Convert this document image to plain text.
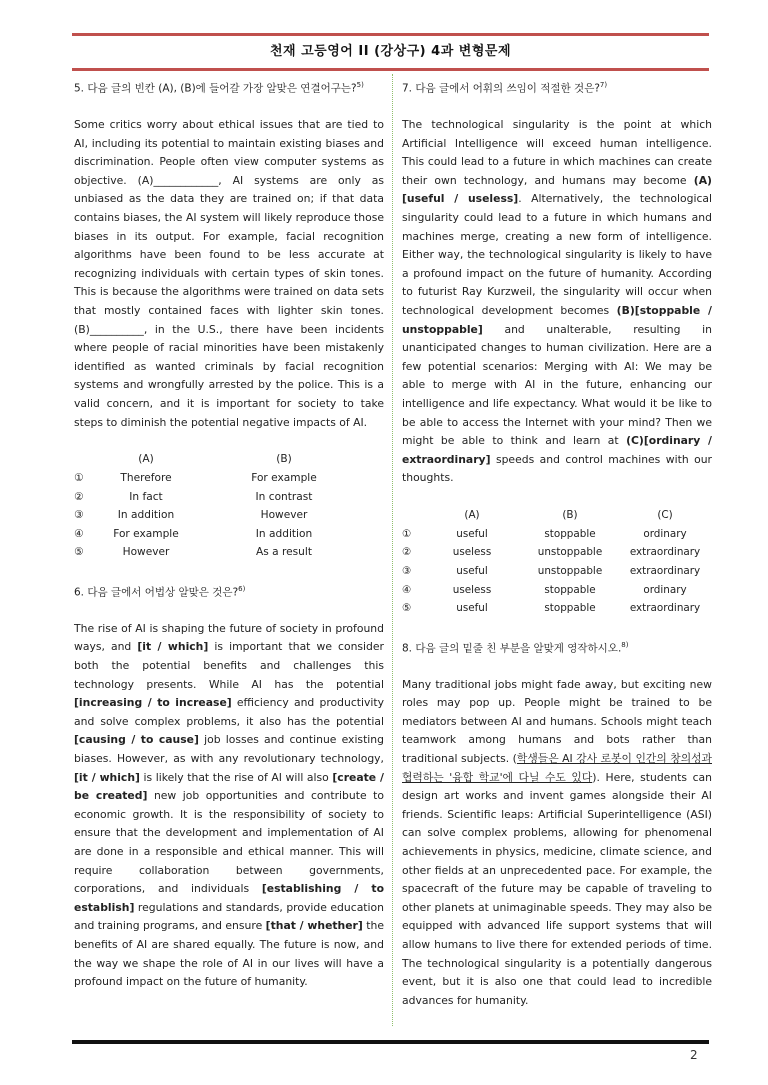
천재 고등영어 II (강상구) 4과 변형문제
5. 다음 글의 빈칸 (A), (B)에 들어갈 가장 알맞은 연결어구는?$^{5)}$
Some critics worry about ethical issues that are tied to AI, including its potential to maintain existing biases and discrimination. People often view computer systems as objective. (A)____________, AI systems are only as unbiased as the data they are trained on; if that data contains biases, the AI system will likely reproduce those biases in its output. For example, facial recognition algorithms have been found to be less accurate at recognizing individuals with certain types of skin tones. This is because the algorithms were trained on data sets that mostly contained faces with lighter skin tones. (B)__________, in the U.S., there have been incidents where people of racial minorities have been mistakenly identified as wanted criminals by facial recognition systems and wrongfully arrested by the police. This is a valid concern, and it is important for society to take steps to diminish the potential negative impacts of AI.
	(A)	(B)
①	Therefore	For example
②	In fact	In contrast
③	In addition	However
④	For example	In addition
⑤	However	As a result
6. 다음 글에서 어법상 알맞은 것은?$^{6)}$
The rise of AI is shaping the future of society in profound ways, and [it / which] is important that we consider both the potential benefits and challenges this technology presents. While AI has the potential [increasing / to increase] efficiency and productivity and solve complex problems, it also has the potential [causing / to cause] job losses and continue existing biases. However, as with any revolutionary technology, [it / which] is likely that the rise of AI will also [create / be created] new job opportunities and contribute to economic growth. It is the responsibility of society to ensure that the development and implementation of AI are done in a responsible and ethical manner. This will require collaboration between governments, corporations, and individuals [establishing / to establish] regulations and standards, provide education and training programs, and ensure [that / whether] the benefits of AI are shared equally. The future is now, and the way we shape the role of AI in our lives will have a profound impact on the future of humanity.
7. 다음 글에서 어휘의 쓰임이 적절한 것은?$^{7)}$
The technological singularity is the point at which Artificial Intelligence will exceed human intelligence. This could lead to a future in which machines can create their own technology, and humans may become (A)[useful / useless]. Alternatively, the technological singularity could lead to a future in which humans and machines merge, creating a new form of intelligence. Either way, the technological singularity is likely to have a profound impact on the future of humanity. According to futurist Ray Kurzweil, the singularity will occur when technological development becomes (B)[stoppable / unstoppable] and unalterable, resulting in unanticipated changes to human civilization. Here are a few potential scenarios: Merging with AI: We may be able to merge with AI in the future, enhancing our intelligence and life expectancy. What would it be like to be able to access the Internet with your mind? Then we might be able to think and learn at (C)[ordinary / extraordinary] speeds and control machines with our thoughts.
	(A)	(B)	(C)
①	useful	stoppable	ordinary
②	useless	unstoppable	extraordinary
③	useful	unstoppable	extraordinary
④	useless	stoppable	ordinary
⑤	useful	stoppable	extraordinary
8. 다음 글의 밑줄 친 부분을 알맞게 영작하시오.$^{8)}$
Many traditional jobs might fade away, but exciting new roles may pop up. People might be trained to be mediators between AI and humans. Schools might teach teamwork among humans and bots rather than traditional subjects. (학생들은 AI 강사 로봇이 인간의 창의성과 협력하는 '융합 학교'에 다닐 수도 있다). Here, students can design art works and invent games alongside their AI friends. Scientific leaps: Artificial Superintelligence (ASI) can solve complex problems, allowing for phenomenal achievements in physics, medicine, climate science, and other fields at an unprecedented pace. For example, the spacecraft of the future may be capable of traveling to other planets at unimaginable speeds. They may also be equipped with advanced life support systems that will allow humans to live there for extended periods of time. The technological singularity is a potentially dangerous event, but it is also one that could lead to incredible advances for humanity.
2
